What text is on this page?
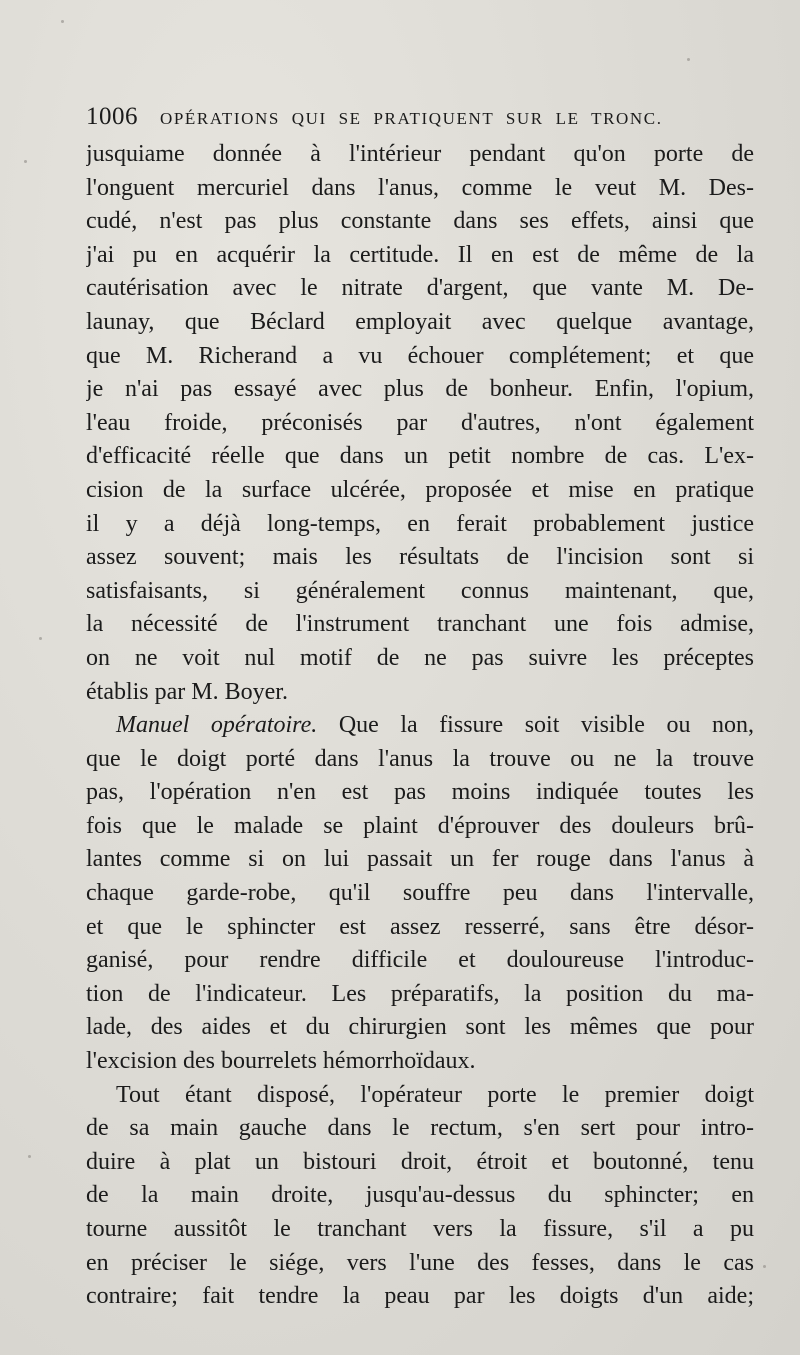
1006 OPÉRATIONS QUI SE PRATIQUENT SUR LE TRONC.
jusquiame donnée à l'intérieur pendant qu'on porte de
l'onguent mercuriel dans l'anus, comme le veut M. Des-
cudé, n'est pas plus constante dans ses effets, ainsi que
j'ai pu en acquérir la certitude. Il en est de même de la
cautérisation avec le nitrate d'argent, que vante M. De-
launay, que Béclard employait avec quelque avantage,
que M. Richerand a vu échouer complétement; et que
je n'ai pas essayé avec plus de bonheur. Enfin, l'opium,
l'eau froide, préconisés par d'autres, n'ont également
d'efficacité réelle que dans un petit nombre de cas. L'ex-
cision de la surface ulcérée, proposée et mise en pratique
il y a déjà long-temps, en ferait probablement justice
assez souvent; mais les résultats de l'incision sont si
satisfaisants, si généralement connus maintenant, que,
la nécessité de l'instrument tranchant une fois admise,
on ne voit nul motif de ne pas suivre les préceptes
établis par M. Boyer.
Manuel opératoire. Que la fissure soit visible ou non,
que le doigt porté dans l'anus la trouve ou ne la trouve
pas, l'opération n'en est pas moins indiquée toutes les
fois que le malade se plaint d'éprouver des douleurs brû-
lantes comme si on lui passait un fer rouge dans l'anus à
chaque garde-robe, qu'il souffre peu dans l'intervalle,
et que le sphincter est assez resserré, sans être désor-
ganisé, pour rendre difficile et douloureuse l'introduc-
tion de l'indicateur. Les préparatifs, la position du ma-
lade, des aides et du chirurgien sont les mêmes que pour
l'excision des bourrelets hémorrhoïdaux.
Tout étant disposé, l'opérateur porte le premier doigt
de sa main gauche dans le rectum, s'en sert pour intro-
duire à plat un bistouri droit, étroit et boutonné, tenu
de la main droite, jusqu'au-dessus du sphincter; en
tourne aussitôt le tranchant vers la fissure, s'il a pu
en préciser le siége, vers l'une des fesses, dans le cas
contraire; fait tendre la peau par les doigts d'un aide;
